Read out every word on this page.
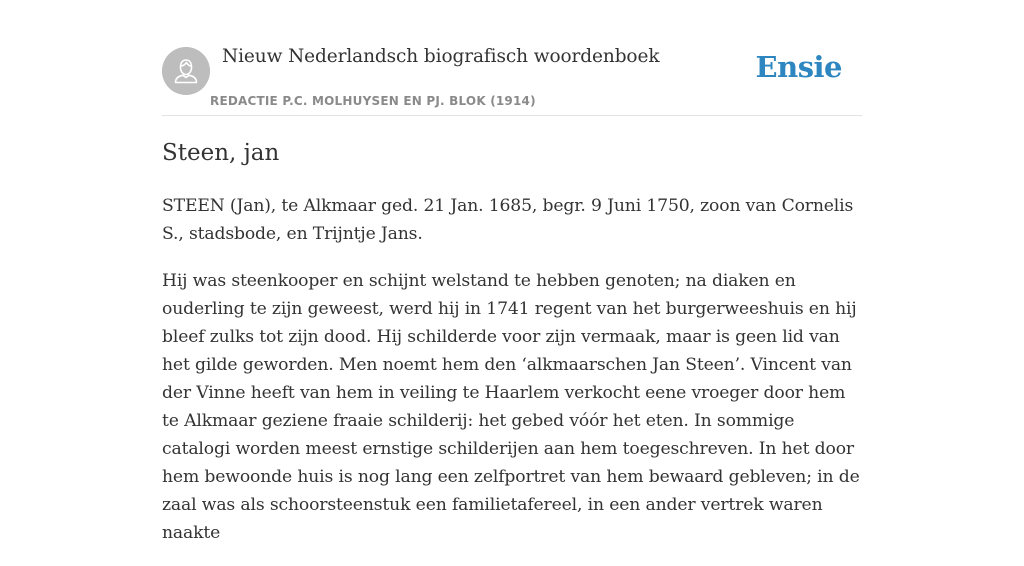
Nieuw Nederlandsch biografisch woordenboek
REDACTIE P.C. MOLHUYSEN EN PJ. BLOK (1914)
Ensie
Steen, jan

STEEN (Jan), te Alkmaar ged. 21 Jan. 1685, begr. 9 Juni 1750, zoon van Cornelis S., stadsbode, en Trijntje Jans.

Hij was steenkooper en schijnt welstand te hebben genoten; na diaken en ouderling te zijn geweest, werd hij in 1741 regent van het burgerweeshuis en hij bleef zulks tot zijn dood. Hij schilderde voor zijn vermaak, maar is geen lid van het gilde geworden. Men noemt hem den ‘alkmaarschen Jan Steen’. Vincent van der Vinne heeft van hem in veiling te Haarlem verkocht eene vroeger door hem te Alkmaar geziene fraaie schilderij: het gebed vóór het eten. In sommige catalogi worden meest ernstige schilderijen aan hem toegeschreven. In het door hem bewoonde huis is nog lang een zelfportret van hem bewaard gebleven; in de zaal was als schoorsteenstuk een familietafereel, in een ander vertrek waren naakte
